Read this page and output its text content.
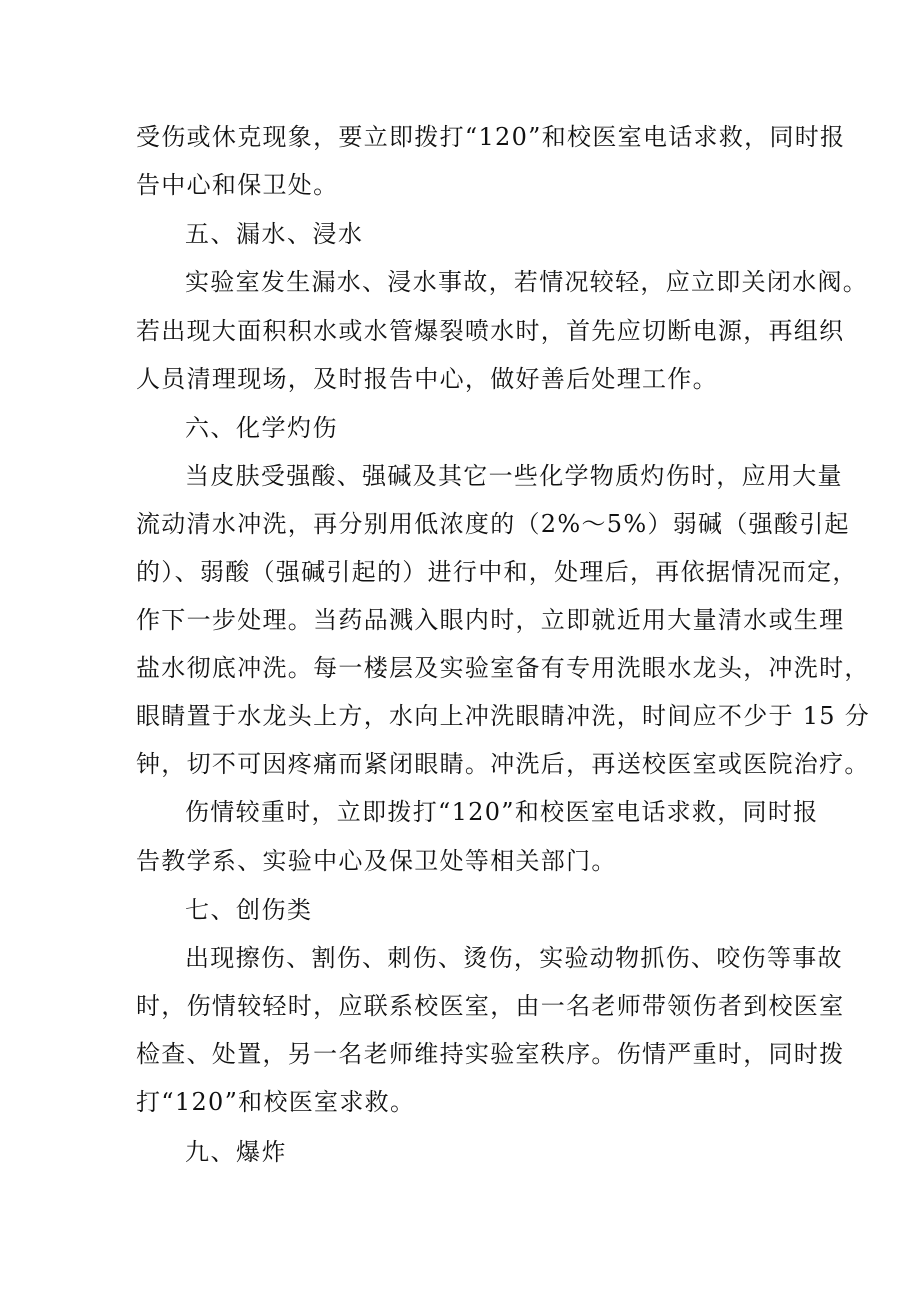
受伤或休克现象，要立即拨打“120”和校医室电话求救，同时报
告中心和保卫处。
五、漏水、浸水
实验室发生漏水、浸水事故，若情况较轻，应立即关闭水阀。
若出现大面积积水或水管爆裂喷水时，首先应切断电源，再组织
人员清理现场，及时报告中心，做好善后处理工作。
六、化学灼伤
当皮肤受强酸、强碱及其它一些化学物质灼伤时，应用大量
流动清水冲洗，再分别用低浓度的（2%～5%）弱碱（强酸引起
的）、弱酸（强碱引起的）进行中和，处理后，再依据情况而定，
作下一步处理。当药品溅入眼内时，立即就近用大量清水或生理
盐水彻底冲洗。每一楼层及实验室备有专用洗眼水龙头，冲洗时，
眼睛置于水龙头上方，水向上冲洗眼睛冲洗，时间应不少于 15 分
钟，切不可因疼痛而紧闭眼睛。冲洗后，再送校医室或医院治疗。
伤情较重时，立即拨打“120”和校医室电话求救，同时报
告教学系、实验中心及保卫处等相关部门。
七、创伤类
出现擦伤、割伤、刺伤、烫伤，实验动物抓伤、咬伤等事故
时，伤情较轻时，应联系校医室，由一名老师带领伤者到校医室
检查、处置，另一名老师维持实验室秩序。伤情严重时，同时拨
打“120”和校医室求救。
九、爆炸
